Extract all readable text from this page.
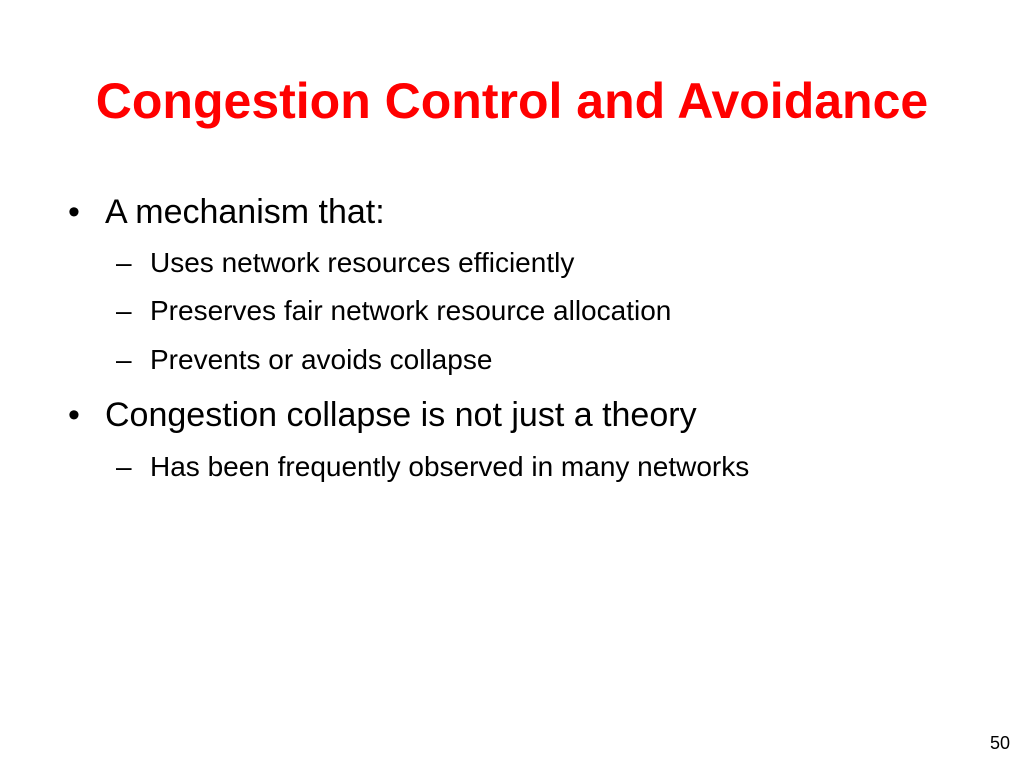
Congestion Control and Avoidance
• A mechanism that:
– Uses network resources efficiently
– Preserves fair network resource allocation
– Prevents or avoids collapse
• Congestion collapse is not just a theory
– Has been frequently observed in many networks
50
